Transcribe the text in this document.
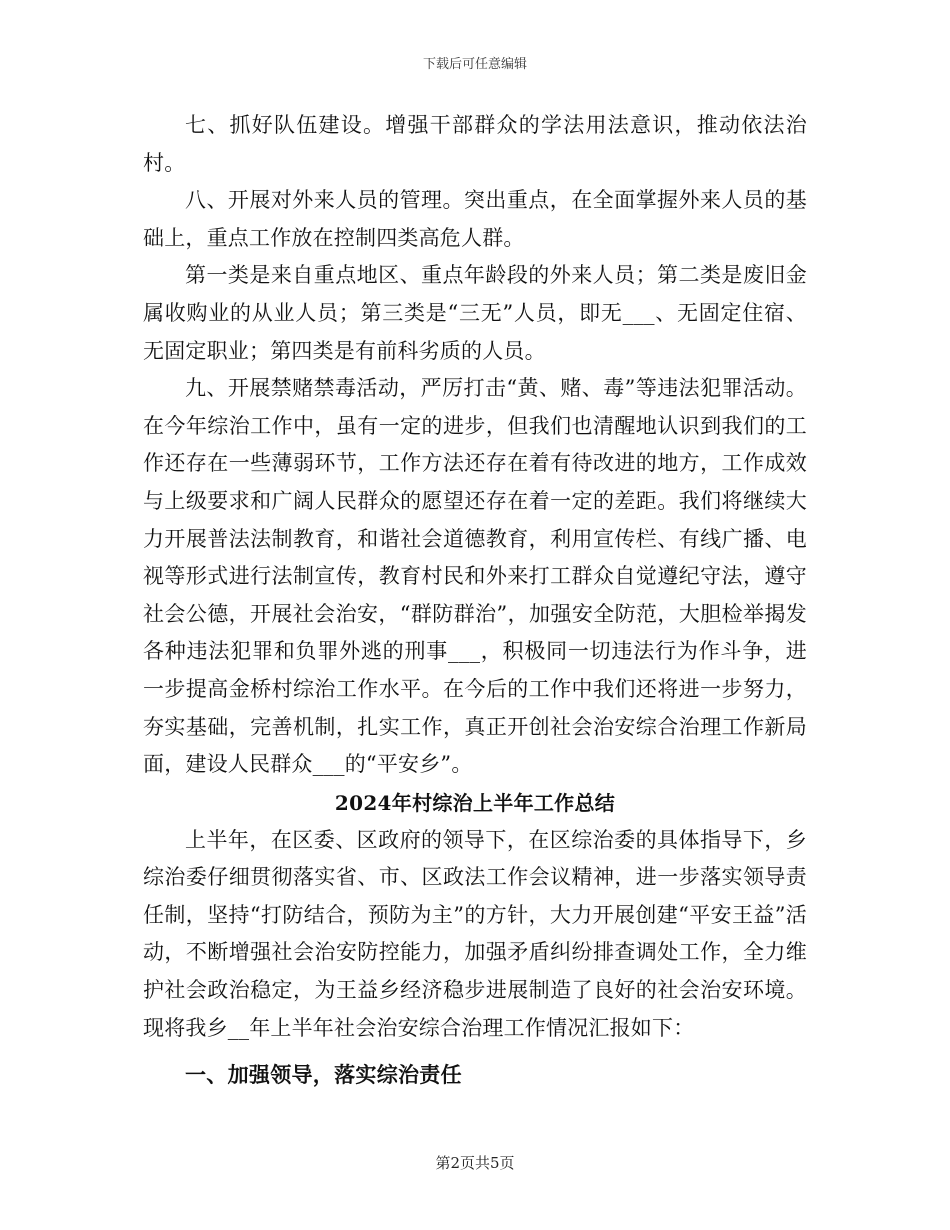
下载后可任意编辑

七、抓好队伍建设。增强干部群众的学法用法意识，推动依法治村。

八、开展对外来人员的管理。突出重点，在全面掌握外来人员的基础上，重点工作放在控制四类高危人群。

第一类是来自重点地区、重点年龄段的外来人员；第二类是废旧金属收购业的从业人员；第三类是“三无”人员，即无___、无固定住宿、无固定职业；第四类是有前科劣质的人员。

九、开展禁赌禁毒活动，严厉打击“黄、赌、毒”等违法犯罪活动。在今年综治工作中，虽有一定的进步，但我们也清醒地认识到我们的工作还存在一些薄弱环节，工作方法还存在着有待改进的地方，工作成效与上级要求和广阔人民群众的愿望还存在着一定的差距。我们将继续大力开展普法法制教育，和谐社会道德教育，利用宣传栏、有线广播、电视等形式进行法制宣传，教育村民和外来打工群众自觉遵纪守法，遵守社会公德，开展社会治安，“群防群治”，加强安全防范，大胆检举揭发各种违法犯罪和负罪外逃的刑事___，积极同一切违法行为作斗争，进一步提高金桥村综治工作水平。在今后的工作中我们还将进一步努力，夯实基础，完善机制，扎实工作，真正开创社会治安综合治理工作新局面，建设人民群众___的“平安乡”。

2024年村综治上半年工作总结

上半年，在区委、区政府的领导下，在区综治委的具体指导下，乡综治委仔细贯彻落实省、市、区政法工作会议精神，进一步落实领导责任制，坚持“打防结合，预防为主”的方针，大力开展创建“平安王益”活动，不断增强社会治安防控能力，加强矛盾纠纷排查调处工作，全力维护社会政治稳定，为王益乡经济稳步进展制造了良好的社会治安环境。现将我乡__年上半年社会治安综合治理工作情况汇报如下：

一、加强领导，落实综治责任
第2页共5页
